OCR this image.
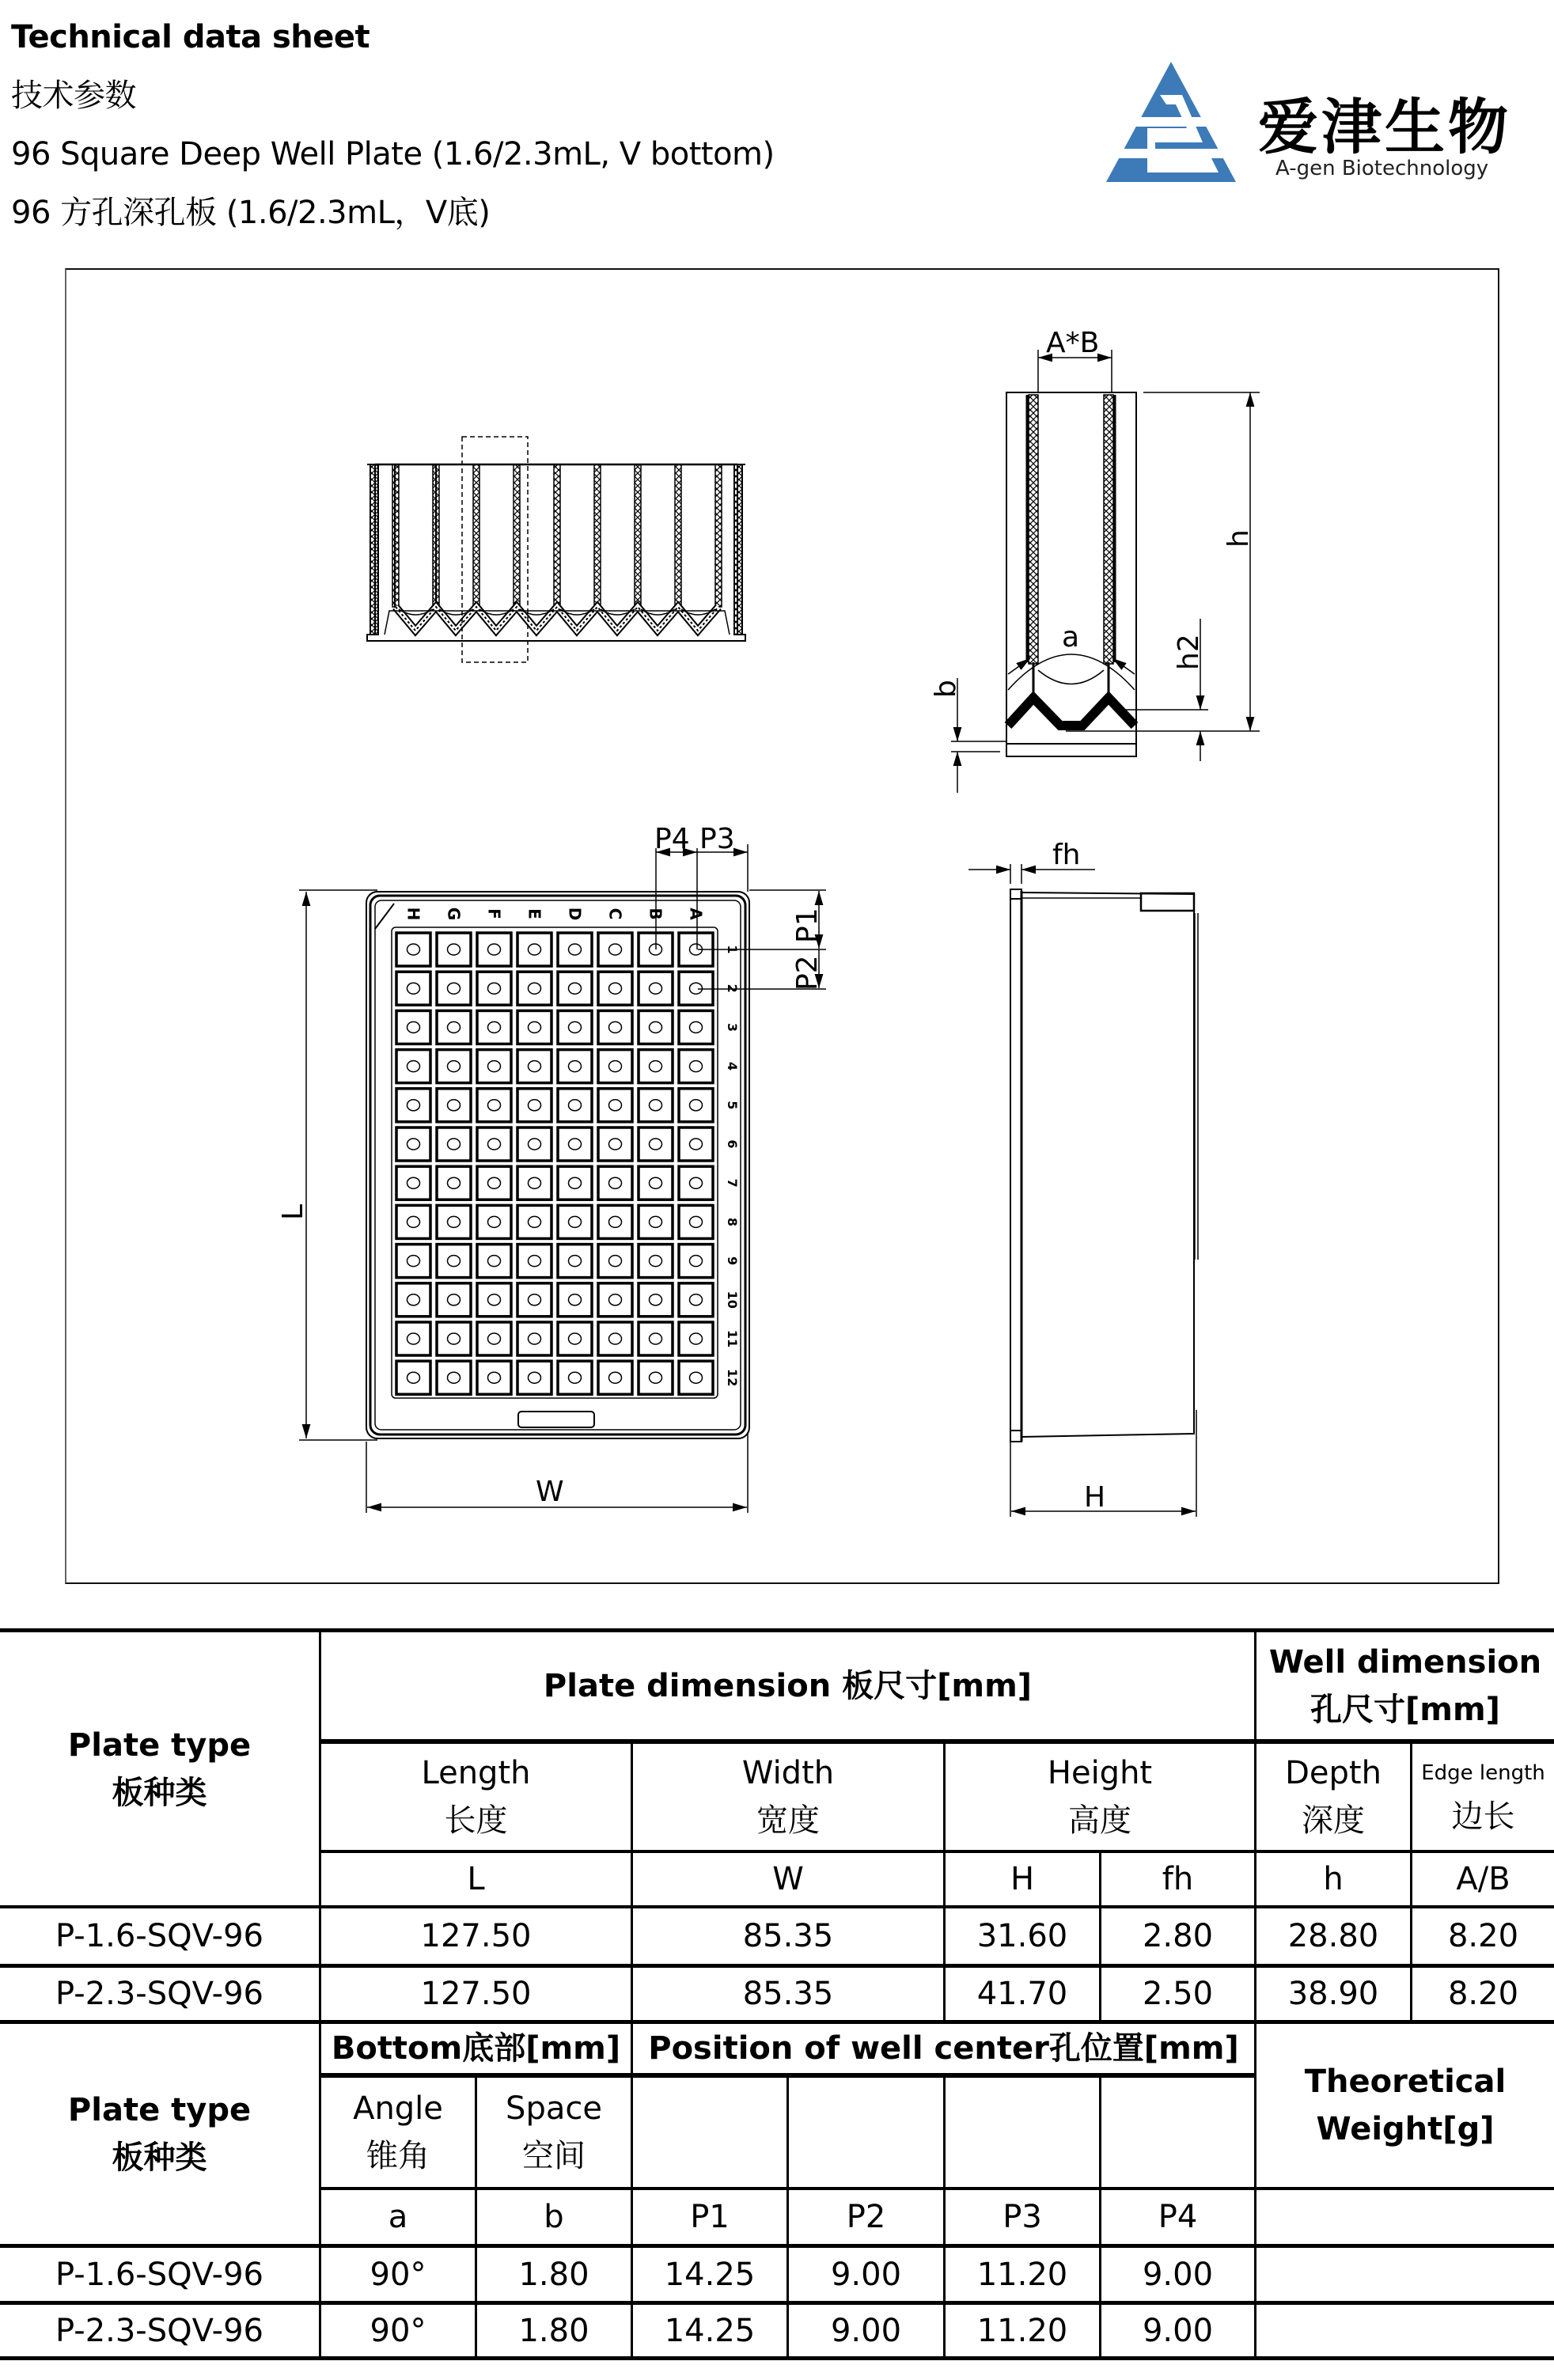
Technical data sheet
技术参数
96 Square Deep Well Plate (1.6/2.3mL, V bottom)
96 方孔深孔板 (1.6/2.3mL，V底)
爱津生物
A-gen Biotechnology
H G F E D C B A
1
2
3
4
5
6
7
8
9
10
11
12
A*B
h
h2
a
b
P4 P3
P1
P2
fh
L
W	H
Plate type
板种类
Plate dimension 板尺寸[mm]
Well dimension
孔尺寸[mm]
Length
长度
Width
宽度
Height
高度
Depth
深度
Edge length
边长
L	W	H	fh	h	A/B
P-1.6-SQV-96	127.50	85.35	31.60	2.80	28.80	8.20
P-2.3-SQV-96	127.50	85.35	41.70	2.50	38.90	8.20
Plate type
板种类
Bottom底部[mm] Position of well center孔位置[mm]
Theoretical
Weight[g]
Angle
锥角
Space
空间
a	b	P1	P2	P3	P4
P-1.6-SQV-96	90°	1.80	14.25	9.00	11.20	9.00
P-2.3-SQV-96	90°	1.80	14.25	9.00	11.20	9.00
